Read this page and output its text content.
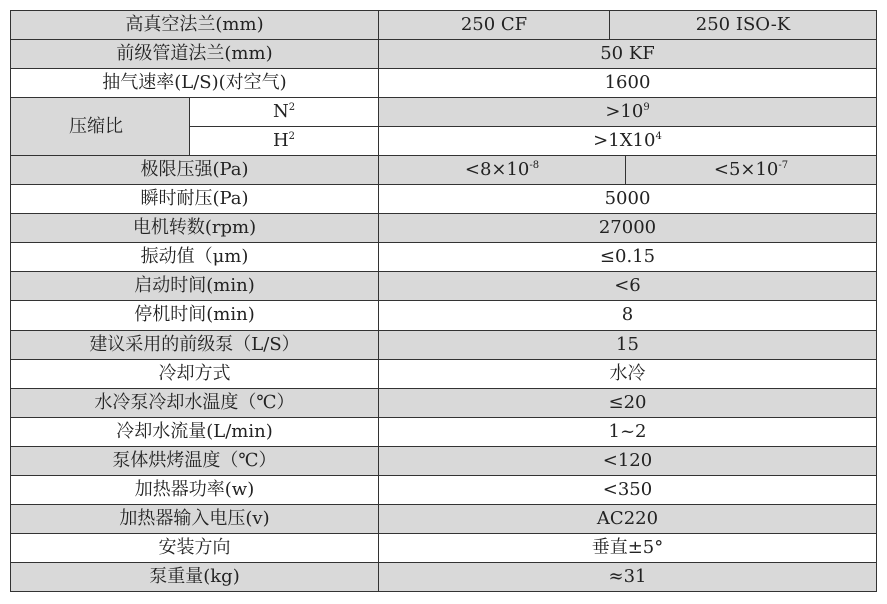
高真空法兰(mm)		250 CF	250 ISO-K	
前级管道法兰(mm)		50 KF		
抽气速率(L/S)(对空气)		1600		
压缩比	$N^2$	$>10^9$
	$H^2$	$>1X10^4$
极限压强(Pa)		$<8\times 10^{-8}$		$<5\times 10^{-7}$
瞬时耐压(Pa)		5000		
电机转数(rpm)		27000		
振动值（μm)		≤0.15		
启动时间(min)		<6		
停机时间(min)		8		
建议采用的前级泵（L/S）		15		
冷却方式		水冷		
水冷泵冷却水温度（℃）		≤20		
冷却水流量(L/min)		1~2		
泵体烘烤温度（℃）		<120		
加热器功率(w)		<350		
加热器输入电压(v)		AC220		
安装方向		垂直±5°		
泵重量(kg)		≈31		
